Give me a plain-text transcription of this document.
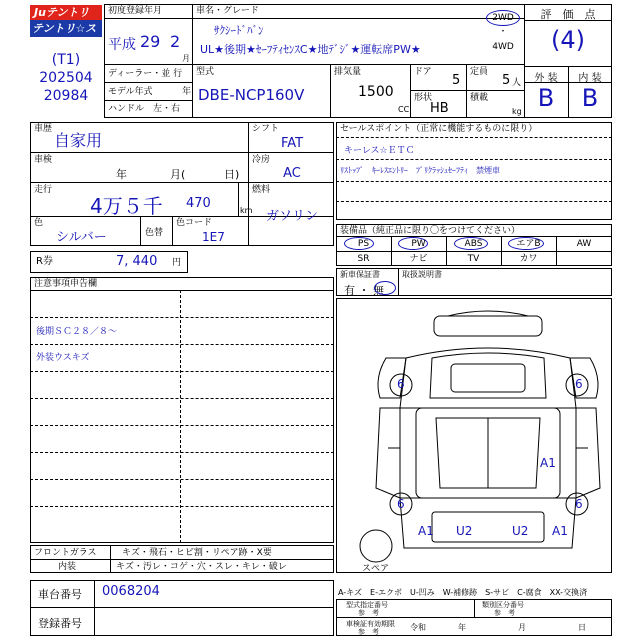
Juテントリ
テントリ☆スター
初度登録年月
平成 29 2
月
車名・グレード
ｻｸｼｰﾄﾞﾊﾞﾝ
UL★後期★ｾｰﾌﾃｨｾﾝｽC★地ﾃﾞｼﾞ★運転席PW★
2WD
・
4WD
評　価　点
(4)
外 装	内 装
B	B
(T1)
202504
20984
ディーラー・並 行
モデル年式	年
ハンドル　左・右
型式
DBE-NCP160V
排気量
1500
CC
ドア
5
定員
5 人
形状
HB
積載
kg
車歴
自家用
車検
年	月(	日)
走行
4万５千 470	km
色
シルバー	色替
色コード
1E7
シフト
FAT
冷房
AC
燃料
ガソリン
R券	7, 440 円
セールスポイント（正常に機能するものに限り）
キーレス☆ＥＴＣ
ﾘｽﾄｯﾌﾟ　ｷｰﾚｽｴﾝﾄﾘｰ　ﾌﾟﾘｸﾗｯｼｭｾｰﾌﾃｨ　禁煙車
装備品（純正品に限り〇をつけてください）
PS	PW	ABS	エアB	AW
SR	ナビ	TV	カワ
新車保証書
有 ・ 無
取扱説明書
注意事項申告欄
後期ＳＣ２８／８～
外装ウスキズ
6	6
A1
6	6
A1 U2	U2 A1
スペア
フロントガラス	キズ・飛石・ヒビ割・リペア跡・X要
内装	キズ・汚レ・コゲ・穴・スレ・キレ・破レ
車台番号 0068204
登録番号
A-キズ　E-エクボ　U-凹み　W-補修跡　S-サビ　C-腐食　XX-交換済
型式指定番号
参　考
類別区分番号
参　考
車検証有効期限
参　考	令和	年	月	日
